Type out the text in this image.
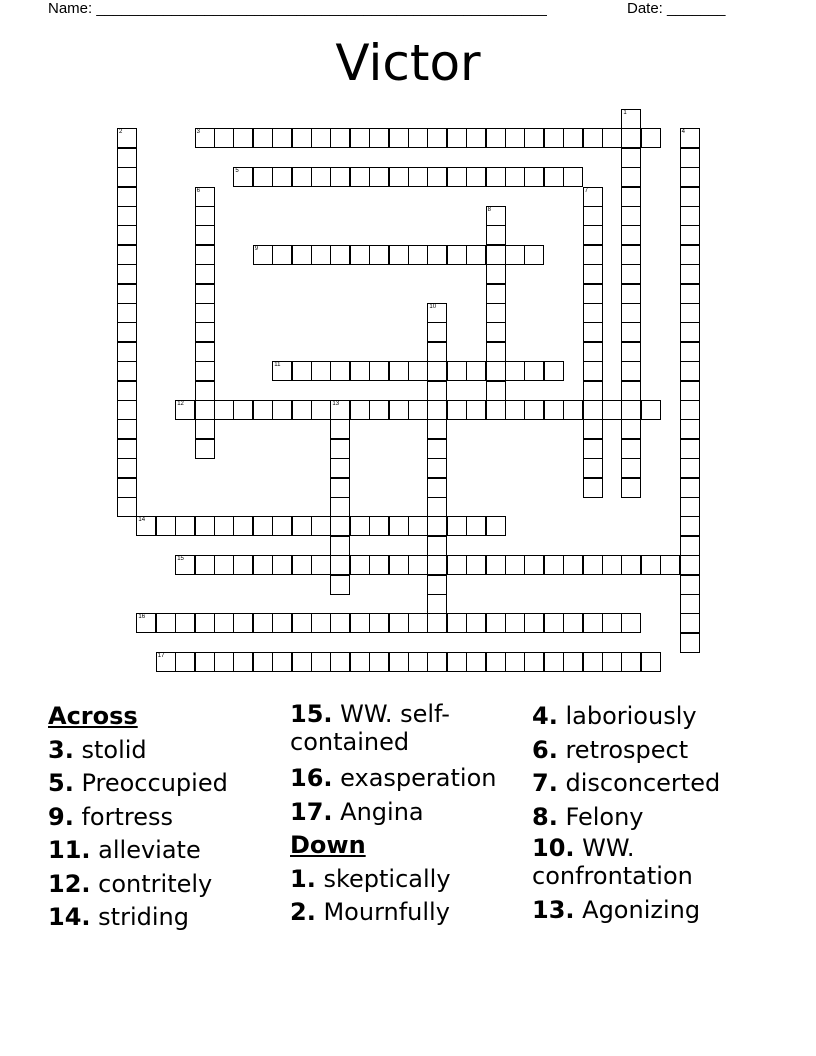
Name: ______________________________________________________	Date: _______
Victor
1
2	3	4
5
6	7
8
9
10
11
12	13
14
15
16
17
Across
3. stolid
5. Preoccupied
9. fortress
11. alleviate
12. contritely
14. striding
15. WW. self-contained
16. exasperation
17. Angina
Down
1. skeptically
2. Mournfully
4. laboriously
6. retrospect
7. disconcerted
8. Felony
10. WW. confrontation
13. Agonizing
